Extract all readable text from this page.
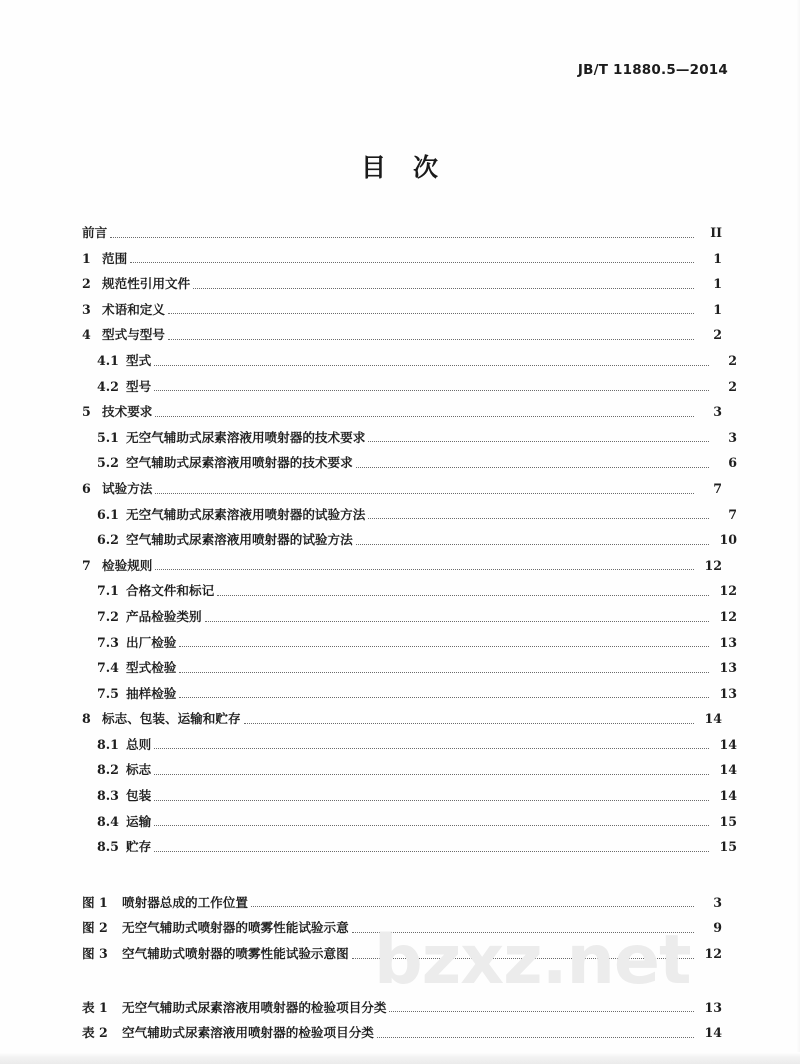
JB/T 11880.5—2014
目 次
前言	II
1 范围	1
2 规范性引用文件	1
3 术语和定义	1
4 型式与型号	2
4.1 型式	2
4.2 型号	2
5 技术要求	3
5.1 无空气辅助式尿素溶液用喷射器的技术要求	3
5.2 空气辅助式尿素溶液用喷射器的技术要求	6
6 试验方法	7
6.1 无空气辅助式尿素溶液用喷射器的试验方法	7
6.2 空气辅助式尿素溶液用喷射器的试验方法	10
7 检验规则	12
7.1 合格文件和标记	12
7.2 产品检验类别	12
7.3 出厂检验	13
7.4 型式检验	13
7.5 抽样检验	13
8 标志、包装、运输和贮存	14
8.1 总则	14
8.2 标志	14
8.3 包装	14
8.4 运输	15
8.5 贮存	15
图 1	喷射器总成的工作位置	3
图 2	无空气辅助式喷射器的喷雾性能试验示意	9
图 3	空气辅助式喷射器的喷雾性能试验示意图	12
表 1	无空气辅助式尿素溶液用喷射器的检验项目分类	13
表 2	空气辅助式尿素溶液用喷射器的检验项目分类	14
bzxz.net
